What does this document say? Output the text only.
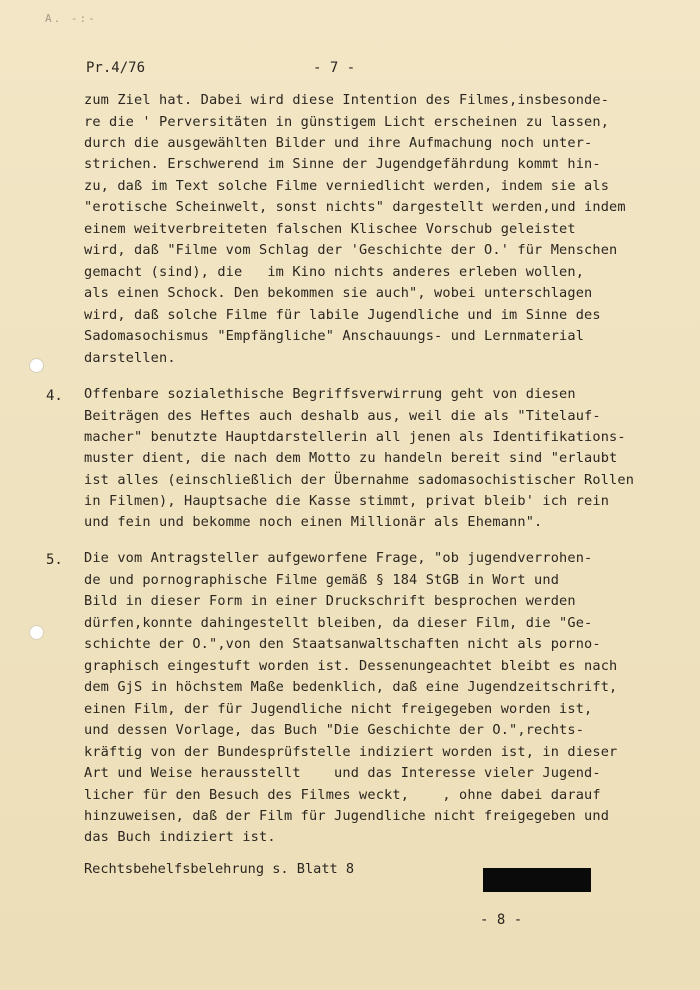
A. -:-
Pr.4/76	- 7 -
zum Ziel hat. Dabei wird diese Intention des Filmes,insbesonde-
re die ' Perversitäten in günstigem Licht erscheinen zu lassen,
durch die ausgewählten Bilder und ihre Aufmachung noch unter-
strichen. Erschwerend im Sinne der Jugendgefährdung kommt hin-
zu, daß im Text solche Filme verniedlicht werden, indem sie als
"erotische Scheinwelt, sonst nichts" dargestellt werden,und indem
einem weitverbreiteten falschen Klischee Vorschub geleistet
wird, daß "Filme vom Schlag der 'Geschichte der O.' für Menschen
gemacht (sind), die   im Kino nichts anderes erleben wollen,
als einen Schock. Den bekommen sie auch", wobei unterschlagen
wird, daß solche Filme für labile Jugendliche und im Sinne des
Sadomasochismus "Empfängliche" Anschauungs- und Lernmaterial
darstellen.
4. Offenbare sozialethische Begriffsverwirrung geht von diesen
Beiträgen des Heftes auch deshalb aus, weil die als "Titelauf-
macher" benutzte Hauptdarstellerin all jenen als Identifikations-
muster dient, die nach dem Motto zu handeln bereit sind "erlaubt
ist alles (einschließlich der Übernahme sadomasochistischer Rollen
in Filmen), Hauptsache die Kasse stimmt, privat bleib' ich rein
und fein und bekomme noch einen Millionär als Ehemann".
5. Die vom Antragsteller aufgeworfene Frage, "ob jugendverrohen-
de und pornographische Filme gemäß § 184 StGB in Wort und
Bild in dieser Form in einer Druckschrift besprochen werden
dürfen,konnte dahingestellt bleiben, da dieser Film, die "Ge-
schichte der O.",von den Staatsanwaltschaften nicht als porno-
graphisch eingestuft worden ist. Dessenungeachtet bleibt es nach
dem GjS in höchstem Maße bedenklich, daß eine Jugendzeitschrift,
einen Film, der für Jugendliche nicht freigegeben worden ist,
und dessen Vorlage, das Buch "Die Geschichte der O.",rechts-
kräftig von der Bundesprüfstelle indiziert worden ist, in dieser
Art und Weise herausstellt    und das Interesse vieler Jugend-
licher für den Besuch des Filmes weckt,    , ohne dabei darauf
hinzuweisen, daß der Film für Jugendliche nicht freigegeben und
das Buch indiziert ist.
Rechtsbehelfsbelehrung s. Blatt 8
- 8 -
